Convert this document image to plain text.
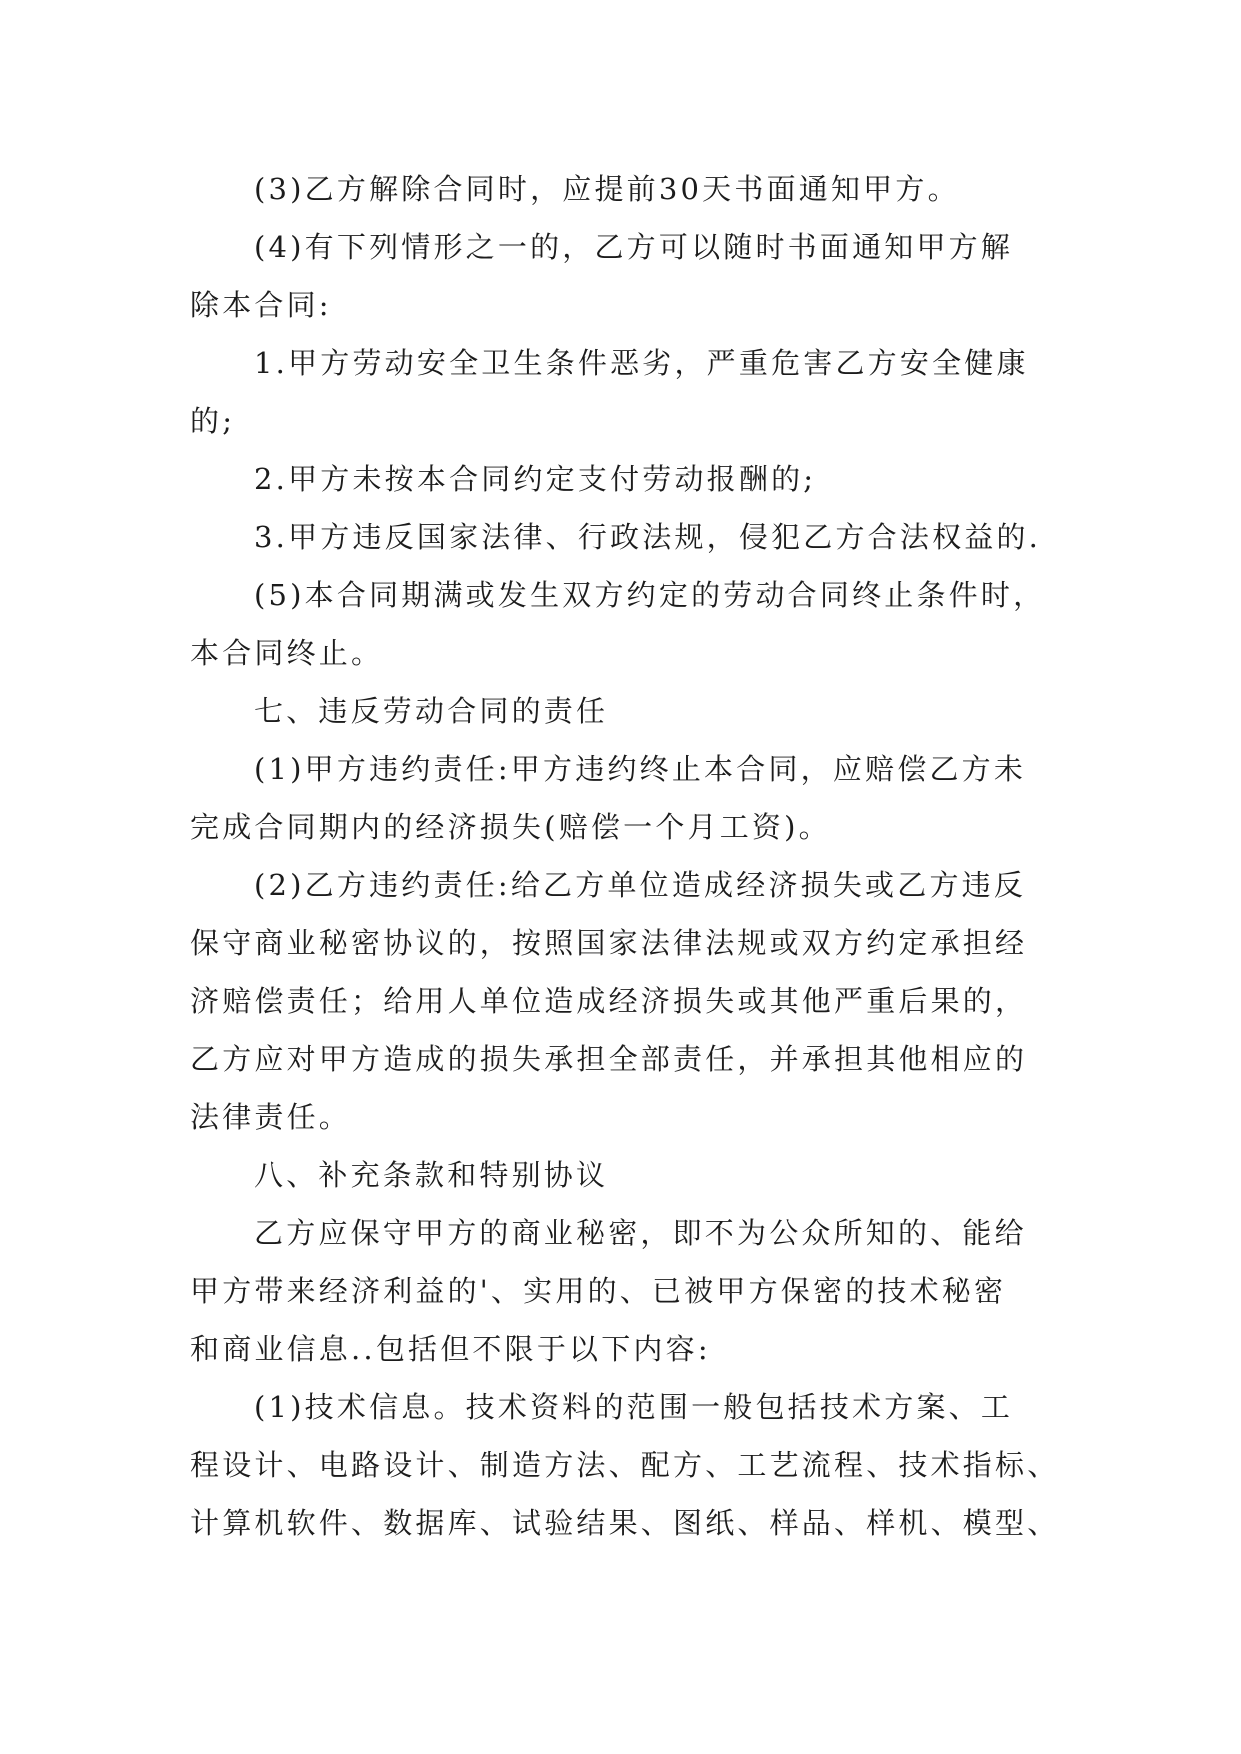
(3)乙方解除合同时，应提前30天书面通知甲方。

(4)有下列情形之一的，乙方可以随时书面通知甲方解
除本合同:

1.甲方劳动安全卫生条件恶劣，严重危害乙方安全健康
的;

2.甲方未按本合同约定支付劳动报酬的;

3.甲方违反国家法律、行政法规，侵犯乙方合法权益的.

(5)本合同期满或发生双方约定的劳动合同终止条件时，
本合同终止。

七、违反劳动合同的责任

(1)甲方违约责任:甲方违约终止本合同，应赔偿乙方未
完成合同期内的经济损失(赔偿一个月工资)。

(2)乙方违约责任:给乙方单位造成经济损失或乙方违反
保守商业秘密协议的，按照国家法律法规或双方约定承担经
济赔偿责任；给用人单位造成经济损失或其他严重后果的，
乙方应对甲方造成的损失承担全部责任，并承担其他相应的
法律责任。

八、补充条款和特别协议

乙方应保守甲方的商业秘密，即不为公众所知的、能给
甲方带来经济利益的'、实用的、已被甲方保密的技术秘密
和商业信息..包括但不限于以下内容:

(1)技术信息。技术资料的范围一般包括技术方案、工
程设计、电路设计、制造方法、配方、工艺流程、技术指标、
计算机软件、数据库、试验结果、图纸、样品、样机、模型、
